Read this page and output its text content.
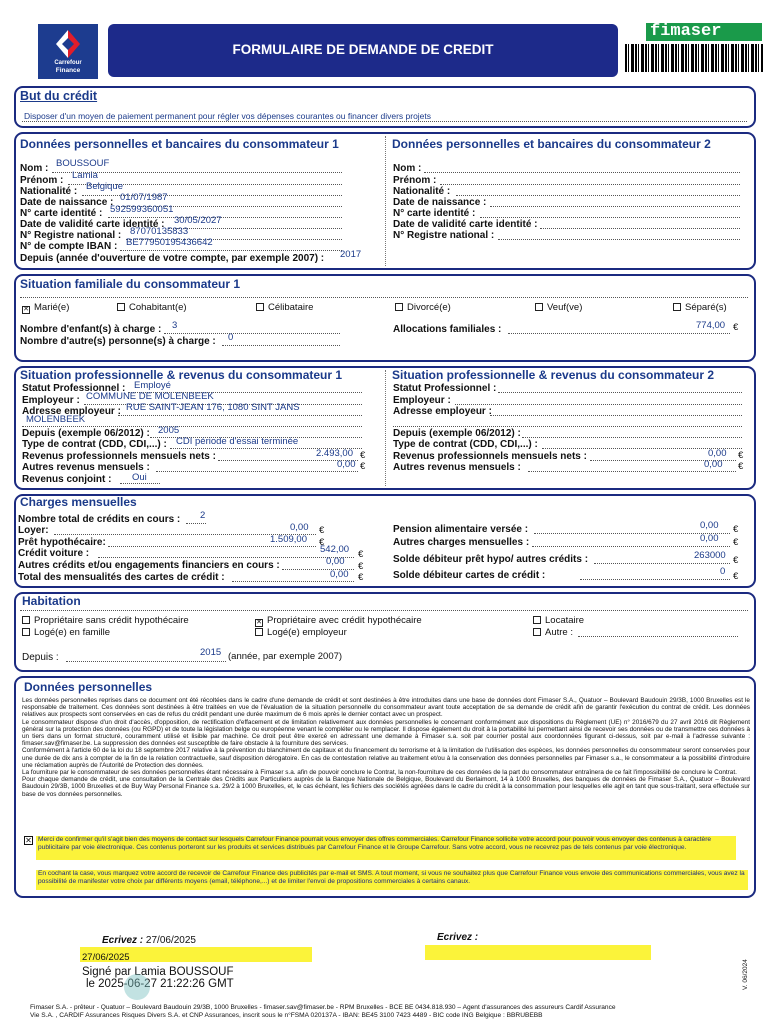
Carrefour
Finance
FORMULAIRE DE DEMANDE DE CREDIT
fimaser
But du crédit
Disposer d'un moyen de paiement permanent pour régler vos dépenses courantes ou financer divers projets
Données personnelles et bancaires du consommateur 1	Données personnelles et bancaires du consommateur 2
Nom : BOUSSOUF
Prénom : Lamia
Nationalité : Belgique
Date de naissance : 01/07/1987
N° carte identité : 592599360051
Date de validité carte identité : 30/05/2027
N° Registre national : 87070135833
N° de compte IBAN : BE77950195436642
Depuis (année d'ouverture de votre compte, par exemple 2007) : 2017
Nom :
Prénom :
Nationalité :
Date de naissance :
N° carte identité :
Date de validité carte identité :
N° Registre national :
Situation familiale du consommateur 1
✕ Marié(e)	Cohabitant(e)	Célibataire	Divorcé(e)	Veuf(ve)	Séparé(s)
Nombre d'enfant(s) à charge : 3
Nombre d'autre(s) personne(s) à charge : 0
Allocations familiales :	774,00 €
Situation professionnelle & revenus du consommateur 1	Situation professionnelle & revenus du consommateur 2
Statut Professionnel : Employé
Employeur : COMMUNE DE MOLENBEEK
Adresse employeur : RUE SAINT-JEAN 176, 1080 SINT JANS
MOLENBEEK
Depuis (exemple 06/2012) : 2005
Type de contrat (CDD, CDI,...) : CDI période d'essai terminée
Revenus professionnels mensuels nets :	2.493,00 €
Autres revenus mensuels :	0,00 €
Revenus conjoint : Oui
Statut Professionnel :
Employeur :
Adresse employeur :
Depuis (exemple 06/2012) :
Type de contrat (CDD, CDI,...) :
Revenus professionnels mensuels nets :	0,00 €
Autres revenus mensuels :	0,00 €
Charges mensuelles
Nombre total de crédits en cours : 2
Loyer:	0,00 €
Prêt hypothécaire:	1.509,00 €
Crédit voiture :	542,00 €
Autres crédits et/ou engagements financiers en cours :	0,00 €
Total des mensualités des cartes de crédit :	0,00 €
Pension alimentaire versée :	0,00 €
Autres charges mensuelles :	0,00 €
Solde débiteur prêt hypo/ autres crédits :	263000 €
Solde débiteur cartes de crédit :	0 €
Habitation
Propriétaire sans crédit hypothécaire	✕ Propriétaire avec crédit hypothécaire	Locataire
Logé(e) en famille	Logé(e) employeur	Autre :
Depuis :	2015 (année, par exemple 2007)
Données personnelles
Les données personnelles reprises dans ce document ont été récoltées dans le cadre d'une demande de crédit et sont destinées à être introduites dans une base de données dont Fimaser S.A., Quatuor – Boulevard Baudouin 29/3B, 1000 Bruxelles est le responsable de traitement. Ces données sont destinées à être traitées en vue de l'évaluation de la situation personnelle du consommateur avant toute acceptation de sa demande de crédit afin de garantir l'exécution du contrat de crédit. Les données relatives aux prospects sont conservées en cas de refus du crédit pendant une durée maximum de 6 mois après le dernier contact avec un prospect.
Le consommateur dispose d'un droit d'accès, d'opposition, de rectification d'effacement et de limitation relativement aux données personnelles le concernant conformément aux dispositions du Règlement (UE) n° 2016/679 du 27 avril 2016 dit Règlement général sur la protection des données (ou RGPD) et de toute la législation belge ou européenne venant le compléter ou le remplacer. Il dispose également du droit à la portabilité lui permettant ainsi de recevoir ses données ou de transmettre ces données à un tiers dans un format structuré, couramment utilisé et lisible par machine. Ce droit peut être exercé en adressant une demande à Fimaser s.a. soit par courrier postal aux coordonnées figurant ci-dessus, soit par e-mail à l'adresse suivante : fimaser.sav@fimaser.be. La suppression des données est susceptible de faire obstacle à la fourniture des services.
Conformément à l'article 60 de la loi du 18 septembre 2017 relative à la prévention du blanchiment de capitaux et du financement du terrorisme et à la limitation de l'utilisation des espèces, les données personnelles du consommateur seront conservées pour une durée de dix ans à compter de la fin de la relation contractuelle, sauf disposition dérogatoire. En cas de contestation relative au traitement et/ou à la conservation des données personnelles par Fimaser s.a., le consommateur a la possibilité d'introduire une réclamation auprès de l'Autorité de Protection des données.
La fourniture par le consommateur de ses données personnelles étant nécessaire à Fimaser s.a. afin de pouvoir conclure le Contrat, la non-fourniture de ces données de la part du consommateur entraînera de ce fait l'impossibilité de conclure le Contrat.
Pour chaque demande de crédit, une consultation de la Centrale des Crédits aux Particuliers auprès de la Banque Nationale de Belgique, Boulevard du Berlaimont, 14 à 1000 Bruxelles, des banques de données de Fimaser S.A., Quatuor – Boulevard Baudouin 29/3B, 1000 Bruxelles et de Buy Way Personal Finance s.a. 29/2 à 1000 Bruxelles, et, le cas échéant, les fichiers des sociétés agréées dans le cadre du crédit à la consommation pour lesquelles elle agit en tant que sous-traitant, sera effectuée sur base de vos données personnelles.
✕ Merci de confirmer qu'il s'agit bien des moyens de contact sur lesquels Carrefour Finance pourrait vous envoyer des offres commerciales. Carrefour Finance sollicite votre accord pour pouvoir vous envoyer des contenus à caractère publicitaire par voie électronique. Ces contenus porteront sur les produits et services distribués par Carrefour Finance et le Groupe Carrefour. Sans votre accord, vous ne recevrez pas de tels contenus par voie électronique.
En cochant la case, vous marquez votre accord de recevoir de Carrefour Finance des publicités par e-mail et SMS. A tout moment, si vous ne souhaitez plus que Carrefour Finance vous envoie des communications commerciales, vous avez la possibilité de manifester votre choix par différents moyens (email, téléphone,...) et de limiter l'envoi de propositions commerciales à certains canaux.
Ecrivez : 27/06/2025	Ecrivez :
27/06/2025
Signé par Lamia BOUSSOUF
le 2025-06-27 21:22:26 GMT	V. 06/2024
Fimaser S.A. - prêteur - Quatuor – Boulevard Baudouin 29/3B, 1000 Bruxelles - fimaser.sav@fimaser.be - RPM Bruxelles - BCE BE 0434.818.930 – Agent d'assurances des assureurs Cardif Assurance
Vie S.A. , CARDIF Assurances Risques Divers S.A. et CNP Assurances, inscrit sous le n°FSMA 020137A - IBAN: BE45 3100 7423 4489 - BIC code ING Belgique : BBRUBEBB
